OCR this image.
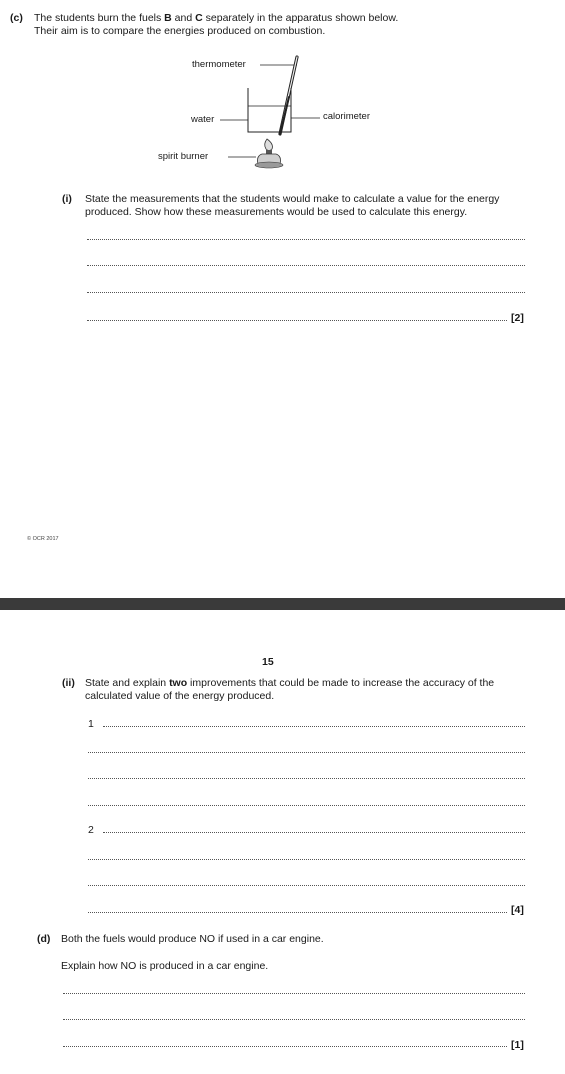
(c) The students burn the fuels B and C separately in the apparatus shown below.
Their aim is to compare the energies produced on combustion.
thermometer
water	calorimeter
spirit burner
(i) State the measurements that the students would make to calculate a value for the energy
produced. Show how these measurements would be used to calculate this energy.
[2]
© OCR 2017
15
(ii) State and explain two improvements that could be made to increase the accuracy of the
calculated value of the energy produced.
1
2
[4]
(d) Both the fuels would produce NO if used in a car engine.
Explain how NO is produced in a car engine.
[1]
